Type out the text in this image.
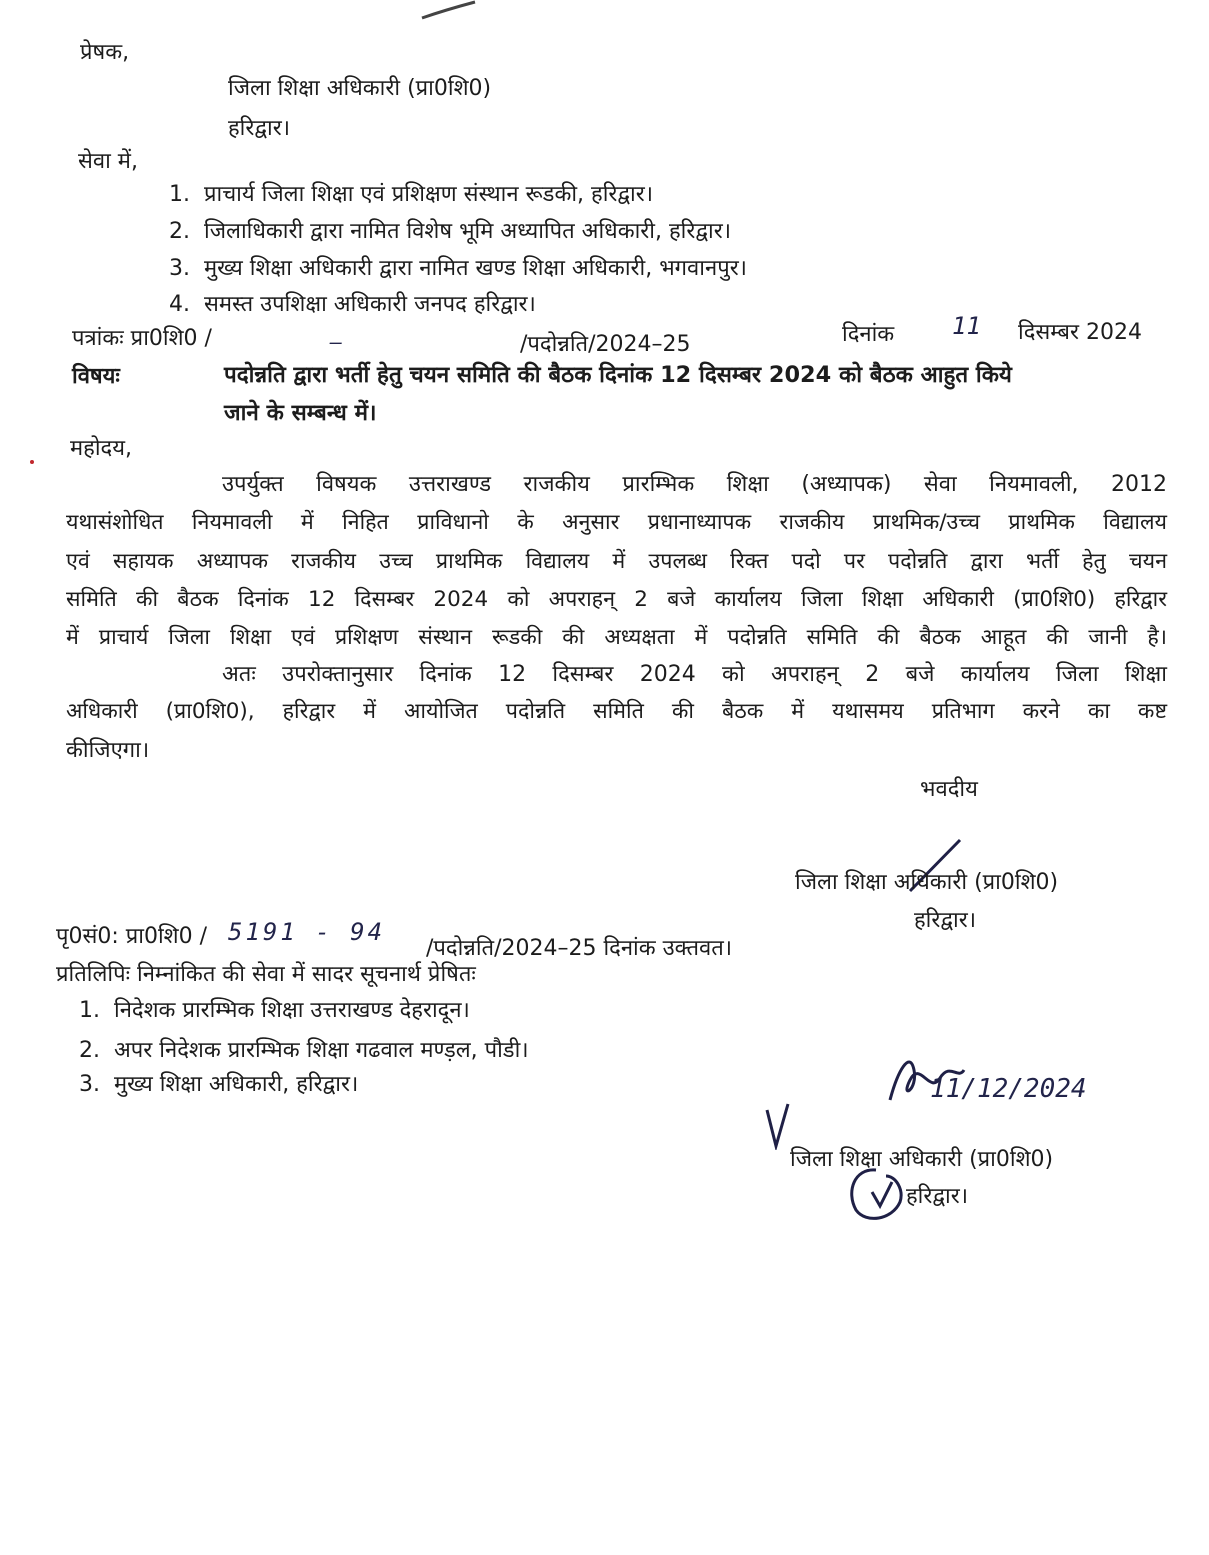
प्रेषक,
जिला शिक्षा अधिकारी (प्रा0शि0)
हरिद्वार।
सेवा में,
1. प्राचार्य जिला शिक्षा एवं प्रशिक्षण संस्थान रूडकी, हरिद्वार।
2. जिलाधिकारी द्वारा नामित विशेष भूमि अध्यापित अधिकारी, हरिद्वार।
3. मुख्य शिक्षा अधिकारी द्वारा नामित खण्ड शिक्षा अधिकारी, भगवानपुर।
4. समस्त उपशिक्षा अधिकारी जनपद हरिद्वार।
पत्रांकः प्रा0शि0 /	—	/पदोन्नति/2024–25	दिनांक 11 दिसम्बर 2024
विषयः	पदोन्नति द्वारा भर्ती हेतु चयन समिति की बैठक दिनांक 12 दिसम्बर 2024 को बैठक आहुत किये
जाने के सम्बन्ध में।
महोदय,
उपर्युक्त विषयक उत्तराखण्ड राजकीय प्रारम्भिक शिक्षा (अध्यापक) सेवा नियमावली, 2012
यथासंशोधित नियमावली में निहित प्राविधानो के अनुसार प्रधानाध्यापक राजकीय प्राथमिक/उच्च प्राथमिक विद्यालय
एवं सहायक अध्यापक राजकीय उच्च प्राथमिक विद्यालय में उपलब्ध रिक्त पदो पर पदोन्नति द्वारा भर्ती हेतु चयन
समिति की बैठक दिनांक 12 दिसम्बर 2024 को अपराहन् 2 बजे कार्यालय जिला शिक्षा अधिकारी (प्रा0शि0) हरिद्वार
में प्राचार्य जिला शिक्षा एवं प्रशिक्षण संस्थान रूडकी की अध्यक्षता में पदोन्नति समिति की बैठक आहूत की जानी है।
अतः उपरोक्तानुसार दिनांक 12 दिसम्बर 2024 को अपराहन् 2 बजे कार्यालय जिला शिक्षा
अधिकारी (प्रा0शि0), हरिद्वार में आयोजित पदोन्नति समिति की बैठक में यथासमय प्रतिभाग करने का कष्ट
कीजिएगा।
भवदीय
जिला शिक्षा अधिकारी (प्रा0शि0)
हरिद्वार।
पृ0सं0: प्रा0शि0 / 5191 - 94
/पदोन्नति/2024–25 दिनांक उक्तवत।
प्रतिलिपिः निम्नांकित की सेवा में सादर सूचनार्थ प्रेषितः
1. निदेशक प्रारम्भिक शिक्षा उत्तराखण्ड देहरादून।
2. अपर निदेशक प्रारम्भिक शिक्षा गढवाल मण्ड़ल, पौडी।
3. मुख्य शिक्षा अधिकारी, हरिद्वार।	11/12/2024
जिला शिक्षा अधिकारी (प्रा0शि0)
हरिद्वार।
